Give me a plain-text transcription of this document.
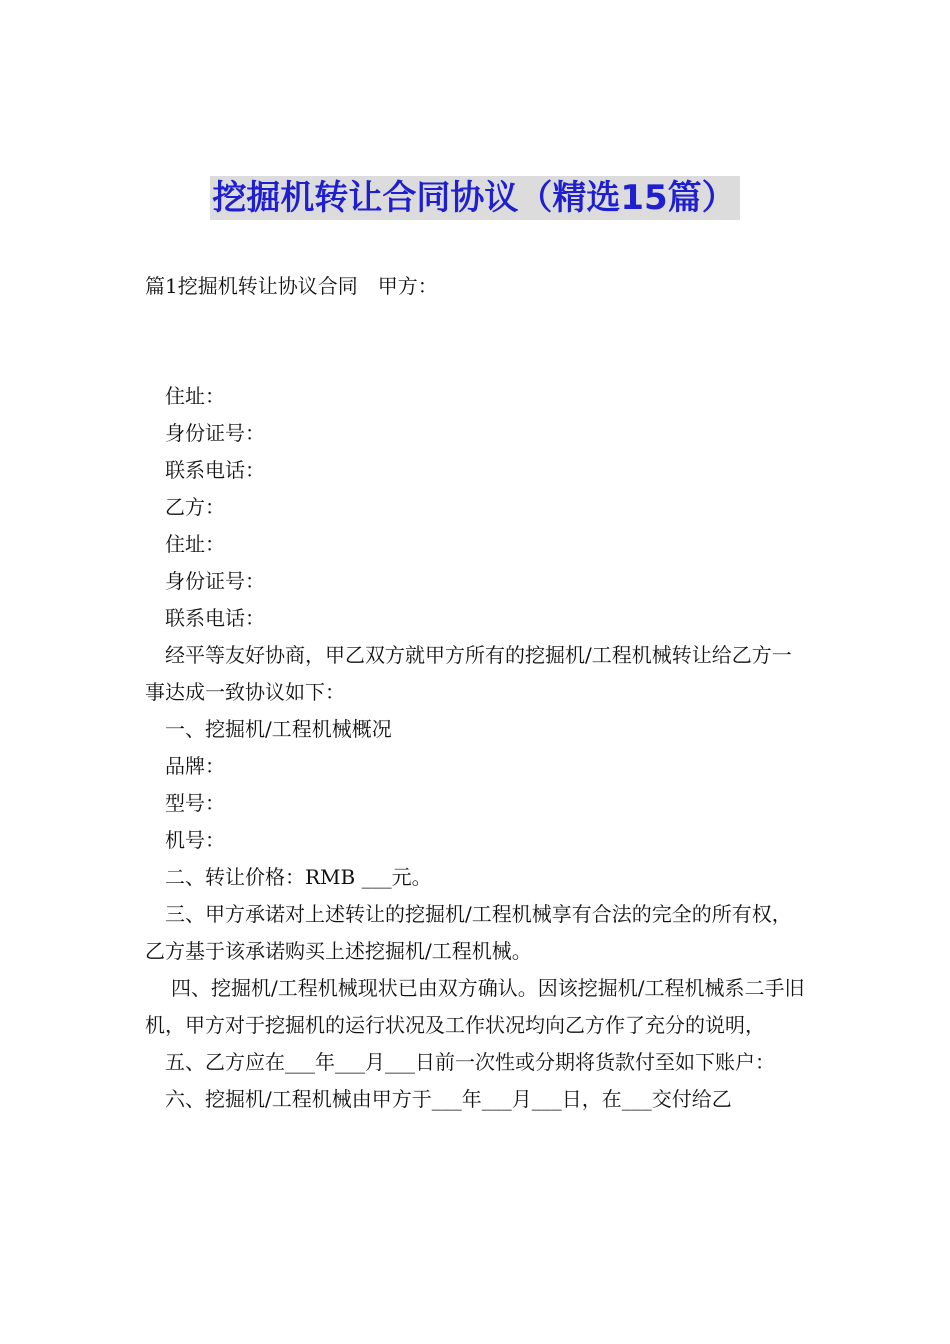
挖掘机转让合同协议（精选15篇）
篇1挖掘机转让协议合同　甲方：

住址：

身份证号：

联系电话：

乙方：

住址：

身份证号：

联系电话：

经平等友好协商，甲乙双方就甲方所有的挖掘机/工程机械转让给乙方一事达成一致协议如下：

一、挖掘机/工程机械概况

品牌：

型号：

机号：

二、转让价格：RMB ___元。

三、甲方承诺对上述转让的挖掘机/工程机械享有合法的完全的所有权，乙方基于该承诺购买上述挖掘机/工程机械。

四、挖掘机/工程机械现状已由双方确认。因该挖掘机/工程机械系二手旧机，甲方对于挖掘机的运行状况及工作状况均向乙方作了充分的说明，

五、乙方应在___年___月___日前一次性或分期将货款付至如下账户：

六、挖掘机/工程机械由甲方于___年___月___日，在___交付给乙
